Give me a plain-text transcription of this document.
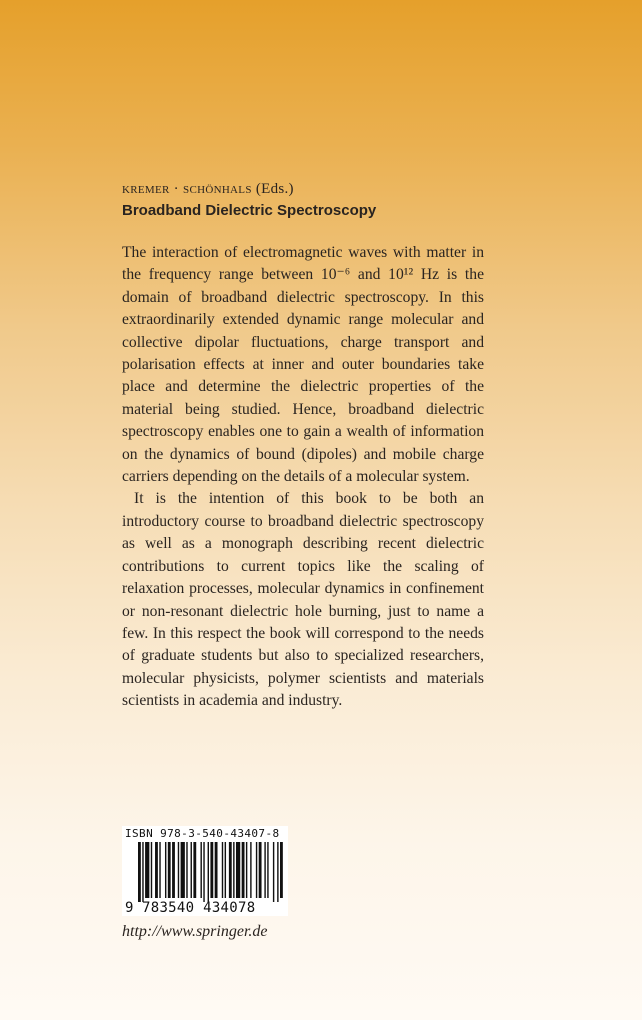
kremer · schönhals (Eds.)
Broadband Dielectric Spectroscopy

The interaction of electromagnetic waves with matter in the frequency range between 10⁻⁶ and 10¹² Hz is the domain of broadband dielectric spectroscopy. In this extraordinarily extended dynamic range molecular and collective dipolar fluctuations, charge transport and polarisation effects at inner and outer boundaries take place and determine the dielectric properties of the material being studied. Hence, broadband dielectric spectroscopy enables one to gain a wealth of information on the dynamics of bound (dipoles) and mobile charge carriers depending on the details of a molecular system.

It is the intention of this book to be both an introductory course to broadband dielectric spectroscopy as well as a monograph describing recent dielectric contributions to current topics like the scaling of relaxation processes, molecular dynamics in confinement or non-resonant dielectric hole burning, just to name a few. In this respect the book will correspond to the needs of graduate students but also to specialized researchers, molecular physicists, polymer scientists and materials scientists in academia and industry.

ISBN 978-3-540-43407-8
9 783540 434078
http://www.springer.de
